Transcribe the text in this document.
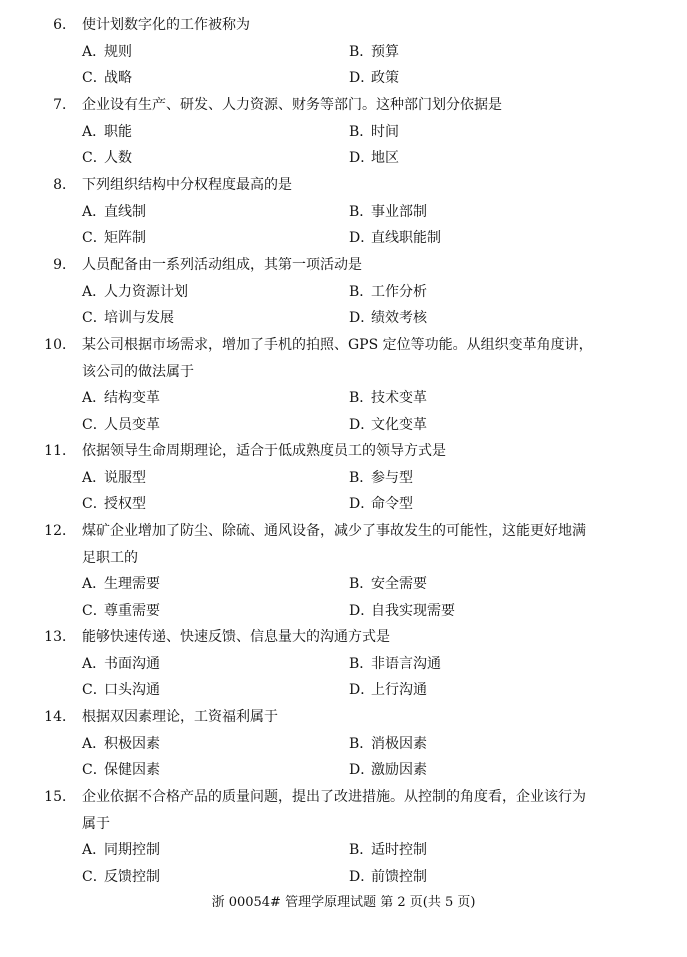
6． 使计划数字化的工作被称为
A．规则	B．预算
C．战略	D．政策
7． 企业设有生产、研发、人力资源、财务等部门。这种部门划分依据是
A．职能	B．时间
C．人数	D．地区
8． 下列组织结构中分权程度最高的是
A．直线制	B．事业部制
C．矩阵制	D．直线职能制
9． 人员配备由一系列活动组成，其第一项活动是
A．人力资源计划	B．工作分析
C．培训与发展	D．绩效考核
10． 某公司根据市场需求，增加了手机的拍照、GPS 定位等功能。从组织变革角度讲，
该公司的做法属于
A．结构变革	B．技术变革
C．人员变革	D．文化变革
11． 依据领导生命周期理论，适合于低成熟度员工的领导方式是
A．说服型	B．参与型
C．授权型	D．命令型
12． 煤矿企业增加了防尘、除硫、通风设备，减少了事故发生的可能性，这能更好地满
足职工的
A．生理需要	B．安全需要
C．尊重需要	D．自我实现需要
13． 能够快速传递、快速反馈、信息量大的沟通方式是
A．书面沟通	B．非语言沟通
C．口头沟通	D．上行沟通
14． 根据双因素理论，工资福利属于
A．积极因素	B．消极因素
C．保健因素	D．激励因素
15． 企业依据不合格产品的质量问题，提出了改进措施。从控制的角度看，企业该行为
属于
A．同期控制	B．适时控制
C．反馈控制	D．前馈控制
浙 00054# 管理学原理试题 第 2 页(共 5 页)
